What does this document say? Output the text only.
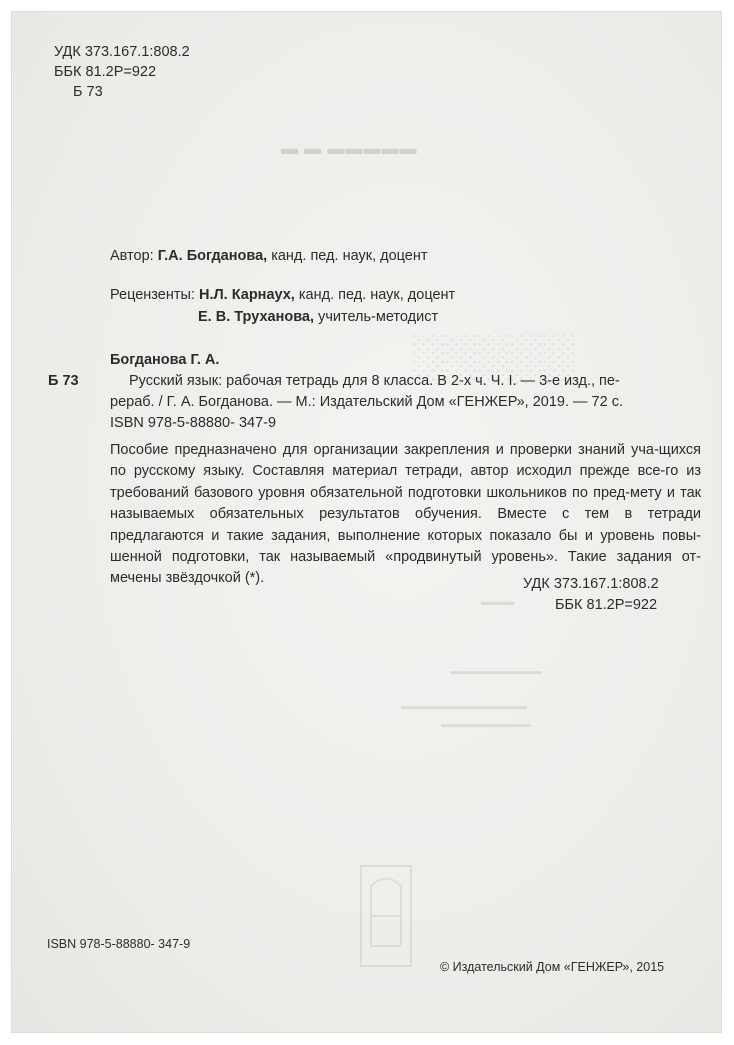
▬ ▬ ▬▬▬▬▬
░░░░░
▬▬▬
▬▬▬▬▬▬▬▬▬▬
▬▬▬▬▬▬▬▬▬▬▬▬▬▬
▬▬▬▬▬▬▬▬▬▬
УДК 373.167.1:808.2
ББК 81.2Р=922
Б 73
Автор: Г.А. Богданова, канд. пед. наук, доцент
Рецензенты: Н.Л. Карнаух, канд. пед. наук, доцент
Е. В. Труханова, учитель-методист
Богданова Г. А.
Б 73	Русский язык: рабочая тетрадь для 8 класса. В 2-х ч. Ч. I. — 3-е изд., пе-
рераб. / Г. А. Богданова. — М.: Издательский Дом «ГЕНЖЕР», 2019. — 72 с.
ISBN 978-5-88880- 347-9

Пособие предназначено для организации закрепления и проверки знаний уча-щихся по русскому языку. Составляя материал тетради, автор исходил прежде все-го из требований базового уровня обязательной подготовки школьников по пред-мету и так называемых обязательных результатов обучения. Вместе с тем в тетради предлагаются и такие задания, выполнение которых показало бы и уровень повы-шенной подготовки, так называемый «продвинутый уровень». Такие задания от-мечены звёздочкой (*).	УДК 373.167.1:808.2
ББК 81.2Р=922
ISBN 978-5-88880- 347-9
© Издательский Дом «ГЕНЖЕР», 2015
